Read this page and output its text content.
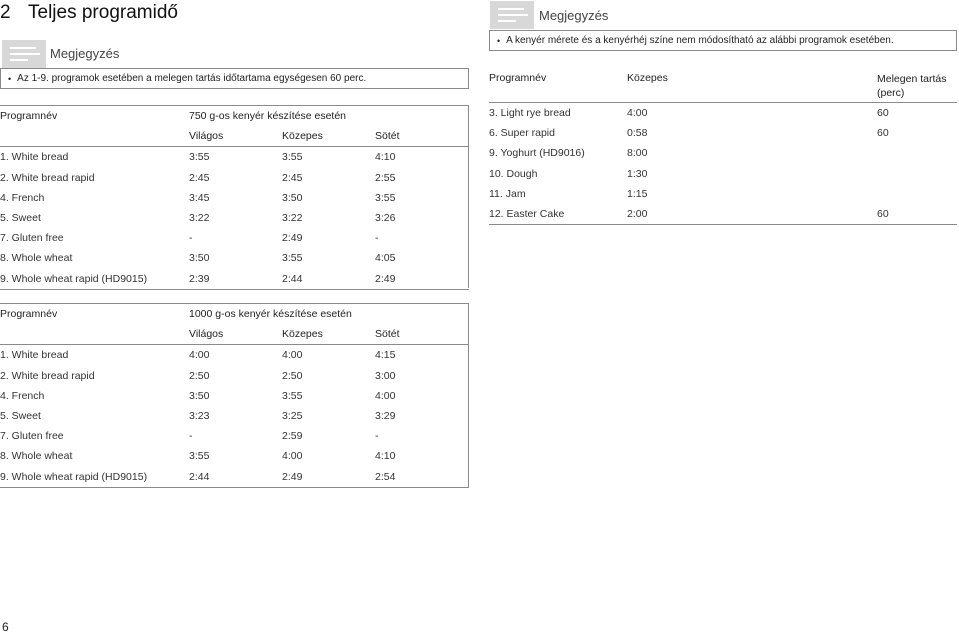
2 Teljes programidő
Megjegyzés
• Az 1-9. programok esetében a melegen tartás időtartama egységesen 60 perc.
Megjegyzés
• A kenyér mérete és a kenyérhéj színe nem módosítható az alábbi programok esetében.
Programnév	750 g-os kenyér készítése esetén		
	Világos	Közepes	Sötét
1. White bread	3:55	3:55	4:10
2. White bread rapid	2:45	2:45	2:55
4. French	3:45	3:50	3:55
5. Sweet	3:22	3:22	3:26
7. Gluten free	-	2:49	-
8. Whole wheat	3:50	3:55	4:05
9. Whole wheat rapid (HD9015)	2:39	2:44	2:49
Programnév	1000 g-os kenyér készítése esetén		
	Világos	Közepes	Sötét
1. White bread	4:00	4:00	4:15
2. White bread rapid	2:50	2:50	3:00
4. French	3:50	3:55	4:00
5. Sweet	3:23	3:25	3:29
7. Gluten free	-	2:59	-
8. Whole wheat	3:55	4:00	4:10
9. Whole wheat rapid (HD9015)	2:44	2:49	2:54
Programnév	Közepes	Melegen tartás
(perc)

3. Light rye bread	4:00	60
6. Super rapid	0:58	60
9. Yoghurt (HD9016)	8:00	
10. Dough	1:30	
11. Jam	1:15	
12. Easter Cake	2:00	60
6
